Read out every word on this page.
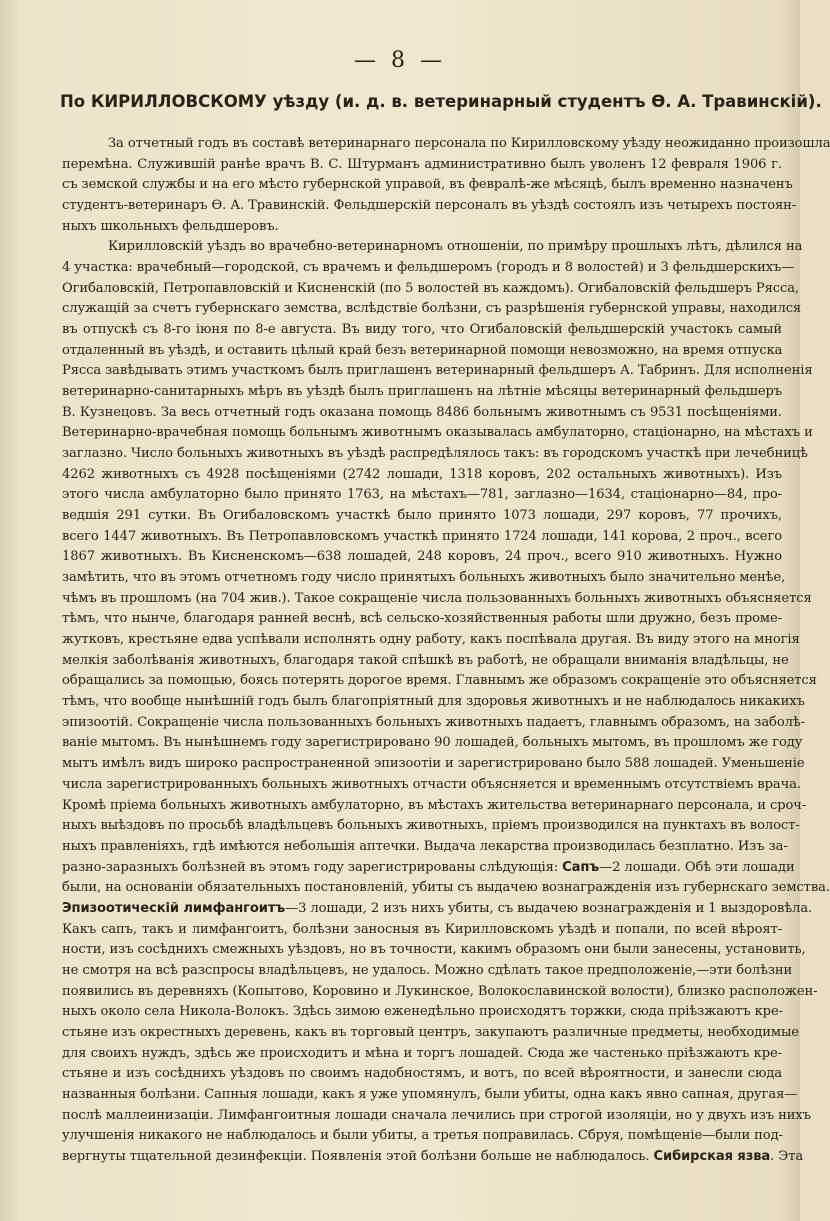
— 8 —
По КИРИЛЛОВСКОМУ уѣзду (и. д. в. ветеринарный студентъ Ѳ. А. Травинскій).
За отчетный годъ въ составѣ ветеринарнаго персонала по Кирилловскому уѣзду неожиданно произошла
перемѣна. Служившій ранѣе врачъ В. С. Штурманъ административно былъ уволенъ 12 февраля 1906 г.
съ земской службы и на его мѣсто губернской управой, въ февралѣ-же мѣсяцѣ, былъ временно назначенъ
студентъ-ветеринаръ Ѳ. А. Травинскій. Фельдшерскій персоналъ въ уѣздѣ состоялъ изъ четырехъ постоян-
ныхъ школьныхъ фельдшеровъ.
Кирилловскій уѣздъ во врачебно-ветеринарномъ отношеніи, по примѣру прошлыхъ лѣтъ, дѣлился на
4 участка: врачебный—городской, съ врачемъ и фельдшеромъ (городъ и 8 волостей) и 3 фельдшерскихъ—
Огибаловскій, Петропавловскій и Кисненскій (по 5 волостей въ каждомъ). Огибаловскій фельдшеръ Рясса,
служащій за счетъ губернскаго земства, вслѣдствіе болѣзни, съ разрѣшенія губернской управы, находился
въ отпускѣ съ 8-го іюня по 8-е августа. Въ виду того, что Огибаловскій фельдшерскій участокъ самый
отдаленный въ уѣздѣ, и оставить цѣлый край безъ ветеринарной помощи невозможно, на время отпуска
Рясса завѣдывать этимъ участкомъ былъ приглашенъ ветеринарный фельдшеръ А. Табринъ. Для исполненія
ветеринарно-санитарныхъ мѣръ въ уѣздѣ былъ приглашенъ на лѣтніе мѣсяцы ветеринарный фельдшеръ
В. Кузнецовъ. За весь отчетный годъ оказана помощь 8486 больнымъ животнымъ съ 9531 посѣщеніями.
Ветеринарно-врачебная помощь больнымъ животнымъ оказывалась амбулаторно, стаціонарно, на мѣстахъ и
заглазно. Число больныхъ животныхъ въ уѣздѣ распредѣлялось такъ: въ городскомъ участкѣ при лечебницѣ
4262 животныхъ съ 4928 посѣщеніями (2742 лошади, 1318 коровъ, 202 остальныхъ животныхъ). Изъ
этого числа амбулаторно было принято 1763, на мѣстахъ—781, заглазно—1634, стаціонарно—84, про-
ведшія 291 сутки. Въ Огибаловскомъ участкѣ было принято 1073 лошади, 297 коровъ, 77 прочихъ,
всего 1447 животныхъ. Въ Петропавловскомъ участкѣ принято 1724 лошади, 141 корова, 2 проч., всего
1867 животныхъ. Въ Кисненскомъ—638 лошадей, 248 коровъ, 24 проч., всего 910 животныхъ. Нужно
замѣтить, что въ этомъ отчетномъ году число принятыхъ больныхъ животныхъ было значительно менѣе,
чѣмъ въ прошломъ (на 704 жив.). Такое сокращеніе числа пользованныхъ больныхъ животныхъ объясняется
тѣмъ, что нынче, благодаря ранней веснѣ, всѣ сельско-хозяйственныя работы шли дружно, безъ проме-
жутковъ, крестьяне едва успѣвали исполнять одну работу, какъ поспѣвала другая. Въ виду этого на многія
мелкія заболѣванія животныхъ, благодаря такой спѣшкѣ въ работѣ, не обращали вниманія владѣльцы, не
обращались за помощью, боясь потерять дорогое время. Главнымъ же образомъ сокращеніе это объясняется
тѣмъ, что вообще нынѣшній годъ былъ благопріятный для здоровья животныхъ и не наблюдалось никакихъ
эпизоотій. Сокращеніе числа пользованныхъ больныхъ животныхъ падаетъ, главнымъ образомъ, на заболѣ-
ваніе мытомъ. Въ нынѣшнемъ году зарегистрировано 90 лошадей, больныхъ мытомъ, въ прошломъ же году
мытъ имѣлъ видъ широко распространенной эпизоотіи и зарегистрировано было 588 лошадей. Уменьшеніе
числа зарегистрированныхъ больныхъ животныхъ отчасти объясняется и временнымъ отсутствіемъ врача.
Кромѣ пріема больныхъ животныхъ амбулаторно, въ мѣстахъ жительства ветеринарнаго персонала, и сроч-
ныхъ выѣздовъ по просьбѣ владѣльцевъ больныхъ животныхъ, пріемъ производился на пунктахъ въ волост-
ныхъ правленіяхъ, гдѣ имѣются небольшія аптечки. Выдача лекарства производилась безплатно. Изъ за-
разно-заразныхъ болѣзней въ этомъ году зарегистрированы слѣдующія: Сапъ—2 лошади. Обѣ эти лошади
были, на основаніи обязательныхъ постановленій, убиты съ выдачею вознагражденія изъ губернскаго земства.
Эпизоотическій лимфангоитъ—3 лошади, 2 изъ нихъ убиты, съ выдачею вознагражденія и 1 выздоровѣла.
Какъ сапъ, такъ и лимфангоитъ, болѣзни заносныя въ Кирилловскомъ уѣздѣ и попали, по всей вѣроят-
ности, изъ сосѣднихъ смежныхъ уѣздовъ, но въ точности, какимъ образомъ они были занесены, установить,
не смотря на всѣ разспросы владѣльцевъ, не удалось. Можно сдѣлать такое предположеніе,—эти болѣзни
появились въ деревняхъ (Копытово, Коровино и Лукинское, Волокославинской волости), близко расположен-
ныхъ около села Никола-Волокъ. Здѣсь зимою еженедѣльно происходятъ торжки, сюда пріѣзжаютъ кре-
стьяне изъ окрестныхъ деревень, какъ въ торговый центръ, закупаютъ различные предметы, необходимые
для своихъ нуждъ, здѣсь же происходитъ и мѣна и торгъ лошадей. Сюда же частенько пріѣзжаютъ кре-
стьяне и изъ сосѣднихъ уѣздовъ по своимъ надобностямъ, и вотъ, по всей вѣроятности, и занесли сюда
названныя болѣзни. Сапныя лошади, какъ я уже упомянулъ, были убиты, одна какъ явно сапная, другая—
послѣ маллеинизаціи. Лимфангоитныя лошади сначала лечились при строгой изоляціи, но у двухъ изъ нихъ
улучшенія никакого не наблюдалось и были убиты, а третья поправилась. Сбруя, помѣщеніе—были под-
вергнуты тщательной дезинфекціи. Появленія этой болѣзни больше не наблюдалось. Сибирская язва. Эта
